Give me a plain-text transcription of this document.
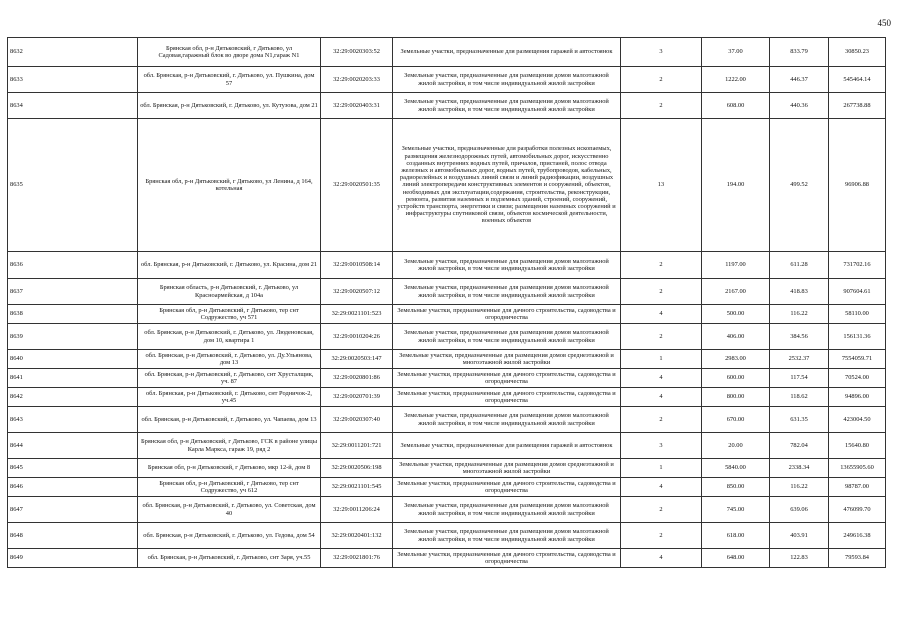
450
8632	Брянская обл, р-н Дятьковский, г Дятьково, ул Садовая,гаражный блок во дворе дома N1,гараж N1	32:29:0020303:52	Земельные участки, предназначенные для размещения гаражей и автостоянок	3	37.00	833.79	30850.23
8633	обл. Брянская, р-н Дятьковский, г. Дятьково, ул. Пушкина, дом 57	32:29:0020203:33	Земельные участки, предназначенные для размещения домов малоэтажной жилой застройки, в том числе индивидуальной жилой застройки	2	1222.00	446.37	545464.14
8634	обл. Брянская, р-н Дятьковский, г. Дятьково, ул. Кутузова, дом 21	32:29:0020403:31	Земельные участки, предназначенные для размещения домов малоэтажной жилой застройки, в том числе индивидуальной жилой застройки	2	608.00	440.36	267738.88
8635	Брянская обл, р-н Дятьковский, г Дятьково, ул Ленина, д 164, котельная	32:29:0020501:35	Земельные участки, предназначенные для разработки полезных ископаемых, размещения железнодорожных путей, автомобильных дорог, искусственно созданных внутренних водных путей, причалов, пристаней, полос отвода железных и автомобильных дорог, водных путей, трубопроводов, кабельных, радиорелейных и воздушных линий связи и линий радиофикации, воздушных линий электропередачи конструктивных элементов и сооружений, объектов, необходимых для эксплуатации,содержания, строительства, реконструкции, ремонта, развития наземных и подземных зданий, строений, сооружений, устройств транспорта, энергетики и связи; размещения наземных сооружений и инфраструктуры спутниковой связи, объектов космической деятельности, военных объектов	13	194.00	499.52	96906.88
8636	обл. Брянская, р-н Дятьковский, г. Дятьково, ул. Красина, дом 21	32:29:0010508:14	Земельные участки, предназначенные для размещения домов малоэтажной жилой застройки, в том числе индивидуальной жилой застройки	2	1197.00	611.28	731702.16
8637	Брянская область, р-н Дятьковский, г. Дятьково, ул Красноармейская, д 104а	32:29:0020507:12	Земельные участки, предназначенные для размещения домов малоэтажной жилой застройки, в том числе индивидуальной жилой застройки	2	2167.00	418.83	907604.61
8638	Брянская обл, р-н Дятьковский, г Дятьково, тер снт Содружество, уч 571	32:29:0021101:523	Земельные участки, предназначенные для дачного строительства, садоводства и огородничества	4	500.00	116.22	58110.00
8639	обл. Брянская, р-н Дятьковский, г. Дятьково, ул. Люденовская, дом 10, квартира 1	32:29:0010204:26	Земельные участки, предназначенные для размещения домов малоэтажной жилой застройки, в том числе индивидуальной жилой застройки	2	406.00	384.56	156131.36
8640	обл. Брянская, р-н Дятьковский, г. Дятьково, ул. Ду.Ульянова, дом 13	32:29:0020503:147	Земельные участки, предназначенные для размещения домов среднеэтажной и многоэтажной жилой застройки	1	2983.00	2532.37	7554059.71
8641	обл. Брянская, р-н Дятьковский, г. Дятьково, снт Хрусталщик, уч. 87	32:29:0020801:86	Земельные участки, предназначенные для дачного строительства, садоводства и огородничества	4	600.00	117.54	70524.00
8642	обл. Брянская, р-н Дятьковский, г. Дятьково, снт Родничок-2, уч.45	32:29:0020701:39	Земельные участки, предназначенные для дачного строительства, садоводства и огородничества	4	800.00	118.62	94896.00
8643	обл. Брянская, р-н Дятьковский, г. Дятьково, ул. Чапаева, дом 13	32:29:0020307:40	Земельные участки, предназначенные для размещения домов малоэтажной жилой застройки, в том числе индивидуальной жилой застройки	2	670.00	631.35	423004.50
8644	Брянская обл, р-н Дятьковский, г Дятьково, ГСК в районе улицы Карла Маркса, гараж 19, ряд 2	32:29:0011201:721	Земельные участки, предназначенные для размещения гаражей и автостоянок	3	20.00	782.04	15640.80
8645	Брянская обл, р-н Дятьковский, г Дятьково, мкр 12-й, дом 8	32:29:0020506:198	Земельные участки, предназначенные для размещения домов среднеэтажной и многоэтажной жилой застройки	1	5840.00	2338.34	13655905.60
8646	Брянская обл, р-н Дятьковский, г Дятьково, тер снт Содружество, уч 612	32:29:0021101:545	Земельные участки, предназначенные для дачного строительства, садоводства и огородничества	4	850.00	116.22	98787.00
8647	обл. Брянская, р-н Дятьковский, г. Дятьково, ул. Советская, дом 40	32:29:0011206:24	Земельные участки, предназначенные для размещения домов малоэтажной жилой застройки, в том числе индивидуальной жилой застройки	2	745.00	639.06	476099.70
8648	обл. Брянская, р-н Дятьковский, г. Дятьково, ул. Гедова, дом 54	32:29:0020401:132	Земельные участки, предназначенные для размещения домов малоэтажной жилой застройки, в том числе индивидуальной жилой застройки	2	618.00	403.91	249616.38
8649	обл. Брянская, р-н Дятьковский, г. Дятьково, снт Заря, уч.55	32:29:0021801:76	Земельные участки, предназначенные для дачного строительства, садоводства и огородничества	4	648.00	122.83	79593.84
